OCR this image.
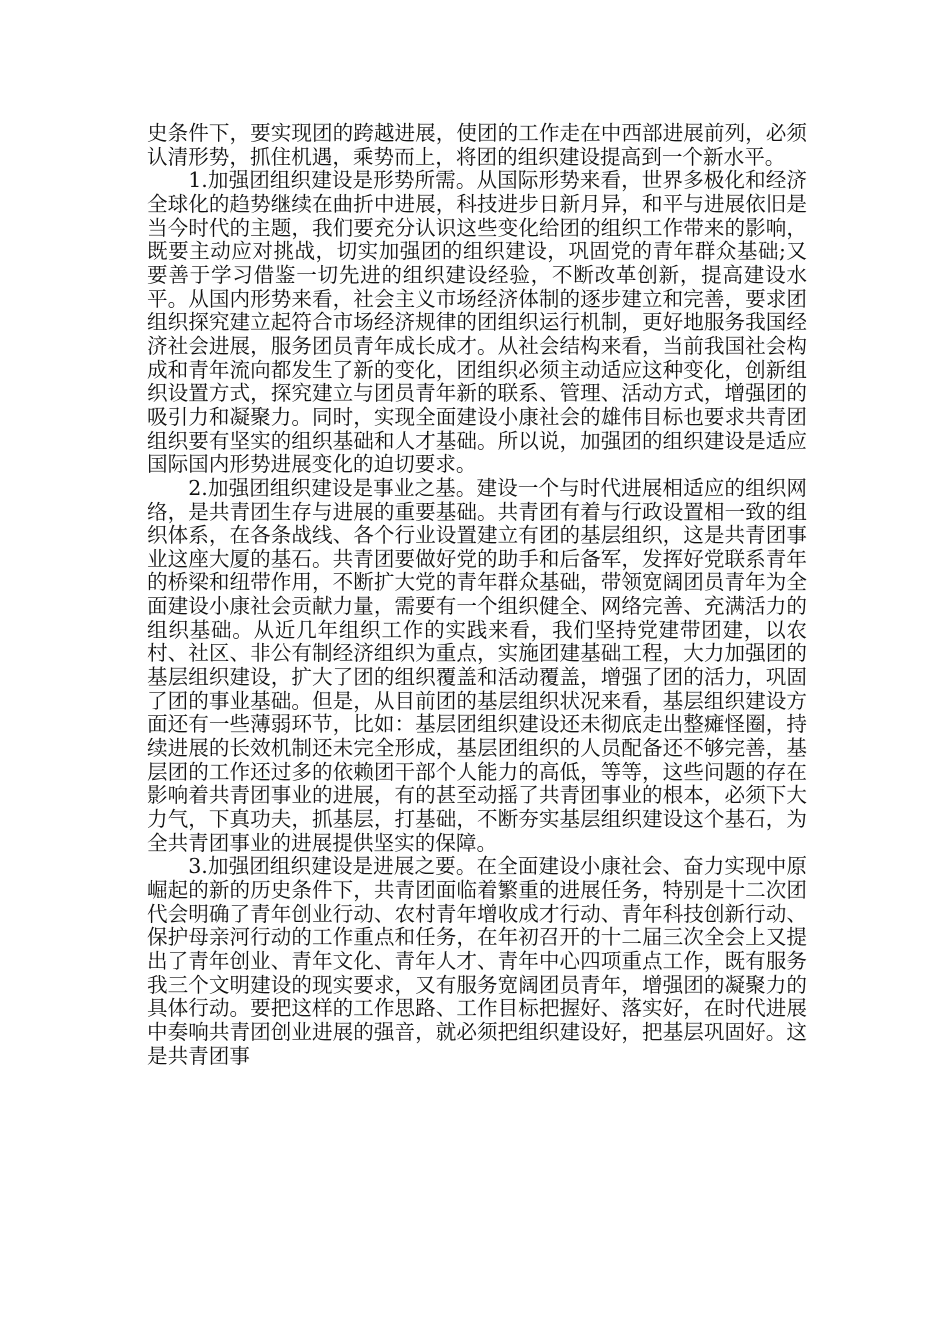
史条件下，要实现团的跨越进展，使团的工作走在中西部进展前列，必须认清形势，抓住机遇，乘势而上，将团的组织建设提高到一个新水平。

1.加强团组织建设是形势所需。从国际形势来看，世界多极化和经济全球化的趋势继续在曲折中进展，科技进步日新月异，和平与进展依旧是当今时代的主题，我们要充分认识这些变化给团的组织工作带来的影响，既要主动应对挑战，切实加强团的组织建设，巩固党的青年群众基础;又要善于学习借鉴一切先进的组织建设经验，不断改革创新，提高建设水平。从国内形势来看，社会主义市场经济体制的逐步建立和完善，要求团组织探究建立起符合市场经济规律的团组织运行机制，更好地服务我国经济社会进展，服务团员青年成长成才。从社会结构来看，当前我国社会构成和青年流向都发生了新的变化，团组织必须主动适应这种变化，创新组织设置方式，探究建立与团员青年新的联系、管理、活动方式，增强团的吸引力和凝聚力。同时，实现全面建设小康社会的雄伟目标也要求共青团组织要有坚实的组织基础和人才基础。所以说，加强团的组织建设是适应国际国内形势进展变化的迫切要求。

2.加强团组织建设是事业之基。建设一个与时代进展相适应的组织网络，是共青团生存与进展的重要基础。共青团有着与行政设置相一致的组织体系，在各条战线、各个行业设置建立有团的基层组织，这是共青团事业这座大厦的基石。共青团要做好党的助手和后备军，发挥好党联系青年的桥梁和纽带作用，不断扩大党的青年群众基础，带领宽阔团员青年为全面建设小康社会贡献力量，需要有一个组织健全、网络完善、充满活力的组织基础。从近几年组织工作的实践来看，我们坚持党建带团建，以农村、社区、非公有制经济组织为重点，实施团建基础工程，大力加强团的基层组织建设，扩大了团的组织覆盖和活动覆盖，增强了团的活力，巩固了团的事业基础。但是，从目前团的基层组织状况来看，基层组织建设方面还有一些薄弱环节，比如：基层团组织建设还未彻底走出整瘫怪圈，持续进展的长效机制还未完全形成，基层团组织的人员配备还不够完善，基层团的工作还过多的依赖团干部个人能力的高低，等等，这些问题的存在影响着共青团事业的进展，有的甚至动摇了共青团事业的根本，必须下大力气，下真功夫，抓基层，打基础，不断夯实基层组织建设这个基石，为全共青团事业的进展提供坚实的保障。

3.加强团组织建设是进展之要。在全面建设小康社会、奋力实现中原崛起的新的历史条件下，共青团面临着繁重的进展任务，特别是十二次团代会明确了青年创业行动、农村青年增收成才行动、青年科技创新行动、保护母亲河行动的工作重点和任务，在年初召开的十二届三次全会上又提出了青年创业、青年文化、青年人才、青年中心四项重点工作，既有服务我三个文明建设的现实要求，又有服务宽阔团员青年，增强团的凝聚力的具体行动。要把这样的工作思路、工作目标把握好、落实好，在时代进展中奏响共青团创业进展的强音，就必须把组织建设好，把基层巩固好。这是共青团事
